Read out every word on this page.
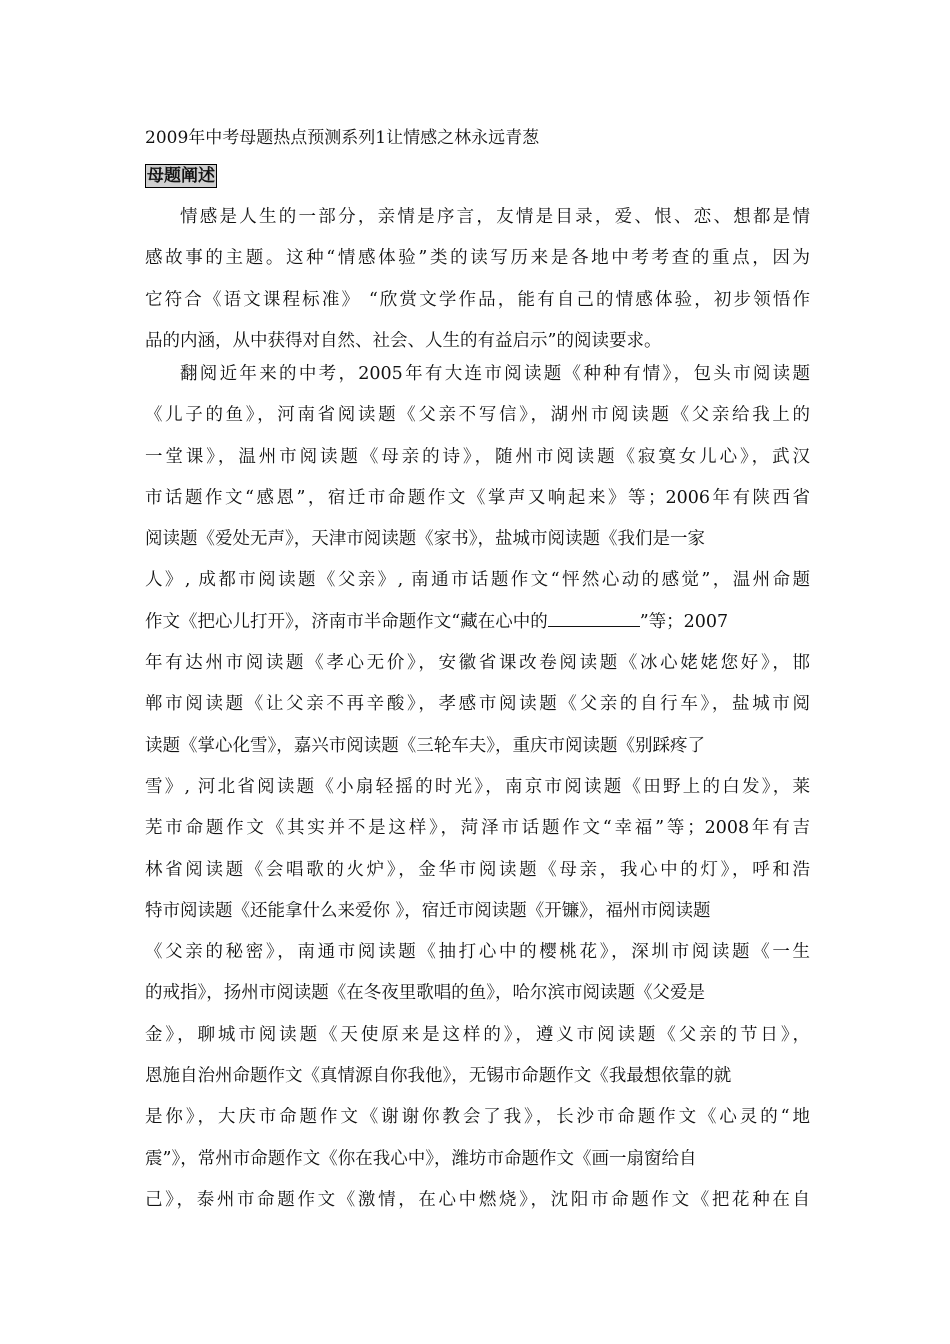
2009年中考母题热点预测系列1让情感之林永远青葱
母题阐述
情感是人生的一部分，亲情是序言，友情是目录，爱、恨、恋、想都是情
感故事的主题。这种“情感体验”类的读写历来是各地中考考查的重点，因为
它符合《语文课程标准》 “欣赏文学作品，能有自己的情感体验，初步领悟作
品的内涵，从中获得对自然、社会、人生的有益启示”的阅读要求。
翻阅近年来的中考，2005年有大连市阅读题《种种有情》，包头市阅读题
《儿子的鱼》，河南省阅读题《父亲不写信》，湖州市阅读题《父亲给我上的
一堂课》，温州市阅读题《母亲的诗》，随州市阅读题《寂寞女儿心》，武汉
市话题作文“感恩”，宿迁市命题作文《掌声又响起来》等；2006年有陕西省
阅读题《爱处无声》，天津市阅读题《家书》，盐城市阅读题《我们是一家
人》, 成都市阅读题《父亲》, 南通市话题作文“怦然心动的感觉”，温州命题
作文《把心儿打开》，济南市半命题作文“藏在心中的	”等；2007
年有达州市阅读题《孝心无价》，安徽省课改卷阅读题《冰心姥姥您好》，邯
郸市阅读题《让父亲不再辛酸》，孝感市阅读题《父亲的自行车》，盐城市阅
读题《掌心化雪》，嘉兴市阅读题《三轮车夫》，重庆市阅读题《别踩疼了
雪》, 河北省阅读题《小扇轻摇的时光》，南京市阅读题《田野上的白发》，莱
芜市命题作文《其实并不是这样》，菏泽市话题作文“幸福”等；2008年有吉
林省阅读题《会唱歌的火炉》，金华市阅读题《母亲，我心中的灯》，呼和浩
特市阅读题《还能拿什么来爱你 》，宿迁市阅读题《开镰》，福州市阅读题
《父亲的秘密》，南通市阅读题《抽打心中的樱桃花》，深圳市阅读题《一生
的戒指》，扬州市阅读题《在冬夜里歌唱的鱼》，哈尔滨市阅读题《父爱是
金》，聊城市阅读题《天使原来是这样的》，遵义市阅读题《父亲的节日》，
恩施自治州命题作文《真情源自你我他》，无锡市命题作文《我最想依靠的就
是你》，大庆市命题作文《谢谢你教会了我》，长沙市命题作文《心灵的“地
震”》，常州市命题作文《你在我心中》，潍坊市命题作文《画一扇窗给自
己》，泰州市命题作文《激情，在心中燃烧》，沈阳市命题作文《把花种在自
